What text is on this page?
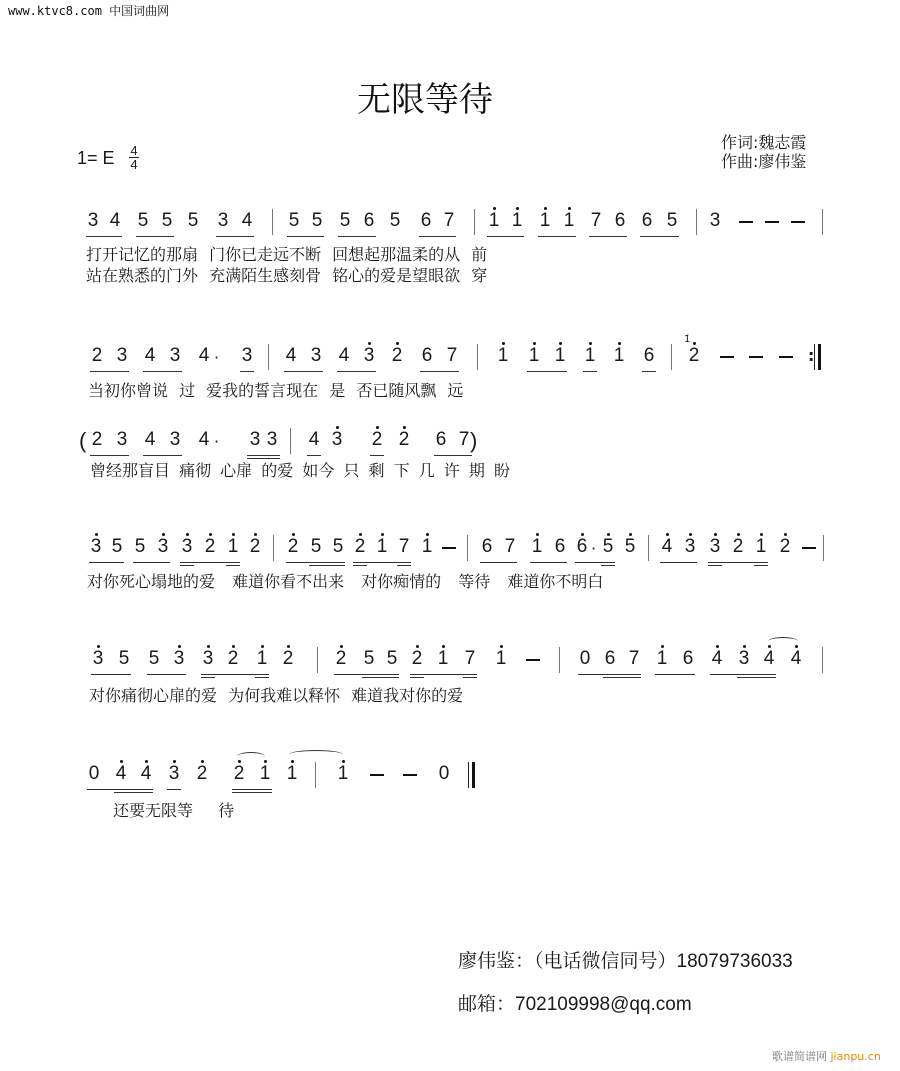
www.ktvc8.com 中国词曲网
无限等待
1= E 4
4
作词:魏志霞
作曲:廖伟鉴
3 4 5 5 5 3 4 5 5 5 6 5 6 7 1 1 1 1 7 6 6 5 3
打开记忆的那扇 门你已走远不断 回想起那温柔的从 前
站在熟悉的门外 充满陌生感刻骨 铭心的爱是望眼欲 穿
2 3 4 3 4 · 3 4 3 4 3 2 6 7 1 1 1 1 1 6
1̇
2	:
当初你曾说 过 爱我的誓言现在 是 否已随风飘 远
( 2 3 4 3 4 · 3 3 4 3 2 2 6 7 )
曾经那盲目 痛彻 心扉 的爱 如今 只 剩 下 几 许 期 盼
3 5 5 3 3 2 1 2 2 5 5 2 1 7 1	6 7 1 6 6 · 5 5 4 3 3 2 1 2
对你死心塌地的爱 难道你看不出来 对你痴情的 等待 难道你不明白
3 5 5 3 3 2 1 2 2 5 5 2 1 7 1	0 6 7 1 6 4 3 4 4
对你痛彻心扉的爱 为何我难以释怀 难道我对你的爱
0 4 4 3 2 2 1 1 1	0
还要无限等 待
廖伟鉴：（电话微信同号）18079736033
邮箱：702109998@qq.com
歌谱简谱网 jianpu.cn
